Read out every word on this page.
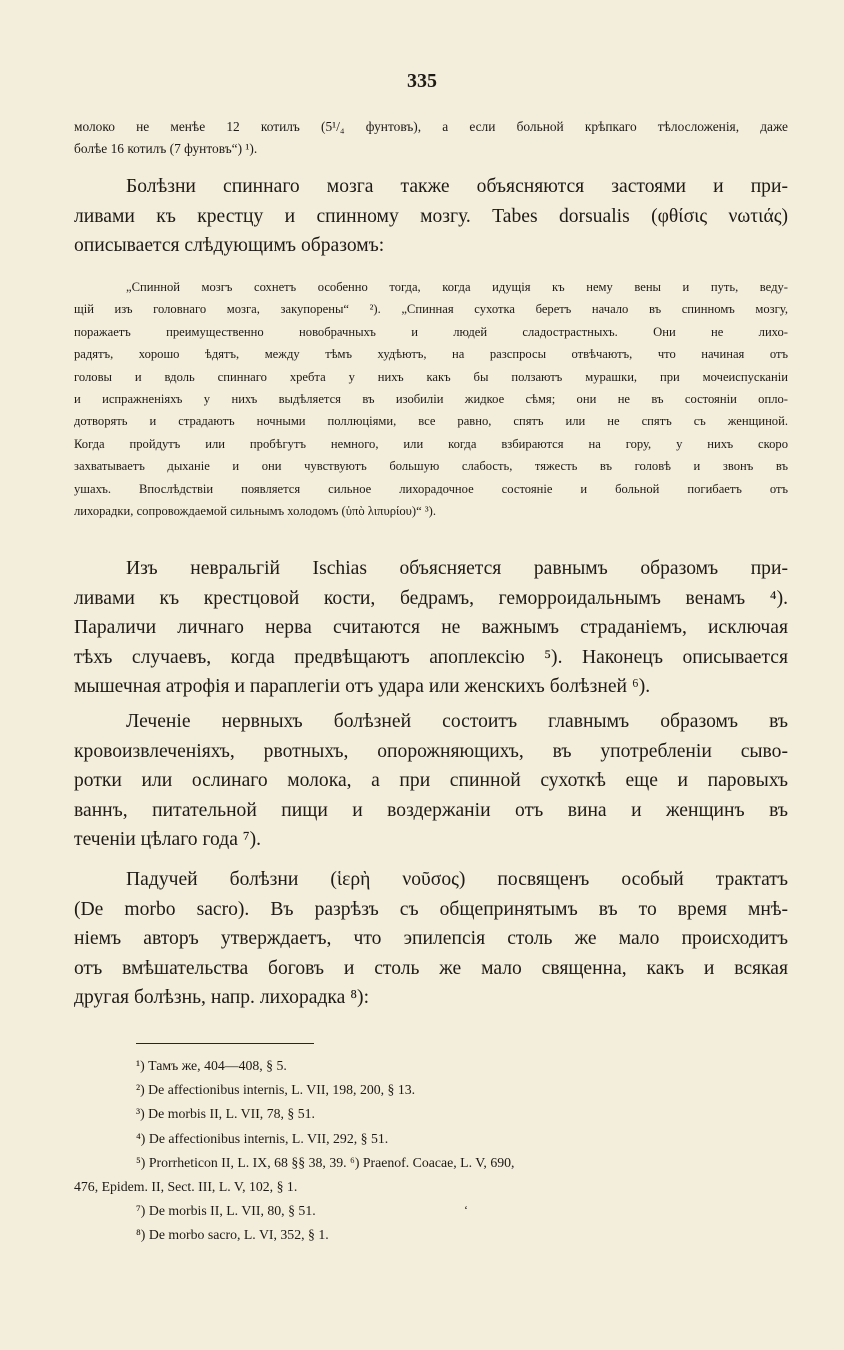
335
молоко не менѣе 12 котилъ (5¹/₄ фунтовъ), а если больной крѣпкаго тѣлосложенія, даже
болѣе 16 котилъ (7 фунтовъ“) ¹).
Болѣзни спиннаго мозга также объясняются застоями и при-
ливами къ крестцу и спинному мозгу. Tabes dorsualis (φθίσις νωτιάς)
описывается слѣдующимъ образомъ:
„Спинной мозгъ сохнетъ особенно тогда, когда идущія къ нему вены и путь, веду-
щій изъ головнаго мозга, закупорены“ ²). „Спинная сухотка беретъ начало въ спинномъ мозгу,
поражаетъ преимущественно новобрачныхъ и людей сладострастныхъ. Они не лихо-
радятъ, хорошо ѣдятъ, между тѣмъ худѣютъ, на разспросы отвѣчаютъ, что начиная отъ
головы и вдоль спиннаго хребта у нихъ какъ бы ползаютъ мурашки, при мочеиспусканіи
и испражненіяхъ у нихъ выдѣляется въ изобиліи жидкое сѣмя; они не въ состояніи опло-
дотворять и страдаютъ ночными поллюціями, все равно, спятъ или не спятъ съ женщиной.
Когда пройдутъ или пробѣгутъ немного, или когда взбираются на гору, у нихъ скоро
захватываетъ дыханіе и они чувствуютъ большую слабость, тяжесть въ головѣ и звонъ въ
ушахъ. Впослѣдствіи появляется сильное лихорадочное состояніе и больной погибаетъ отъ
лихорадки, сопровождаемой сильнымъ холодомъ (ὑπὸ λιπυρίου)“ ³).
Изъ невральгій Ischias объясняется равнымъ образомъ при-
ливами къ крестцовой кости, бедрамъ, геморроидальнымъ венамъ ⁴).
Параличи личнаго нерва считаются не важнымъ страданіемъ, исключая
тѣхъ случаевъ, когда предвѣщаютъ апоплексію ⁵). Наконецъ описывается
мышечная атрофія и параплегіи отъ удара или женскихъ болѣзней ⁶).
Леченіе нервныхъ болѣзней состоитъ главнымъ образомъ въ
кровоизвлеченіяхъ, рвотныхъ, опорожняющихъ, въ употребленіи сыво-
ротки или ослинаго молока, а при спинной сухоткѣ еще и паровыхъ
ваннъ, питательной пищи и воздержаніи отъ вина и женщинъ въ
теченіи цѣлаго года ⁷).
Падучей болѣзни (ἱερὴ νοῦσος) посвященъ особый трактатъ
(De morbo sacro). Въ разрѣзъ съ общепринятымъ въ то время мнѣ-
ніемъ авторъ утверждаетъ, что эпилепсія столь же мало происходитъ
отъ вмѣшательства боговъ и столь же мало священна, какъ и всякая
другая болѣзнь, напр. лихорадка ⁸):
¹) Тамъ же, 404—408, § 5.
²) De affectionibus internis, L. VII, 198, 200, § 13.
³) De morbis II, L. VII, 78, § 51.
⁴) De affectionibus internis, L. VII, 292, § 51.
⁵) Prorrheticon II, L. IX, 68 §§ 38, 39. ⁶) Praenof. Coacae, L. V, 690,
476, Epidem. II, Sect. III, L. V, 102, § 1.
⁷) De morbis II, L. VII, 80, § 51.
⁸) De morbo sacro, L. VI, 352, § 1.
‘
